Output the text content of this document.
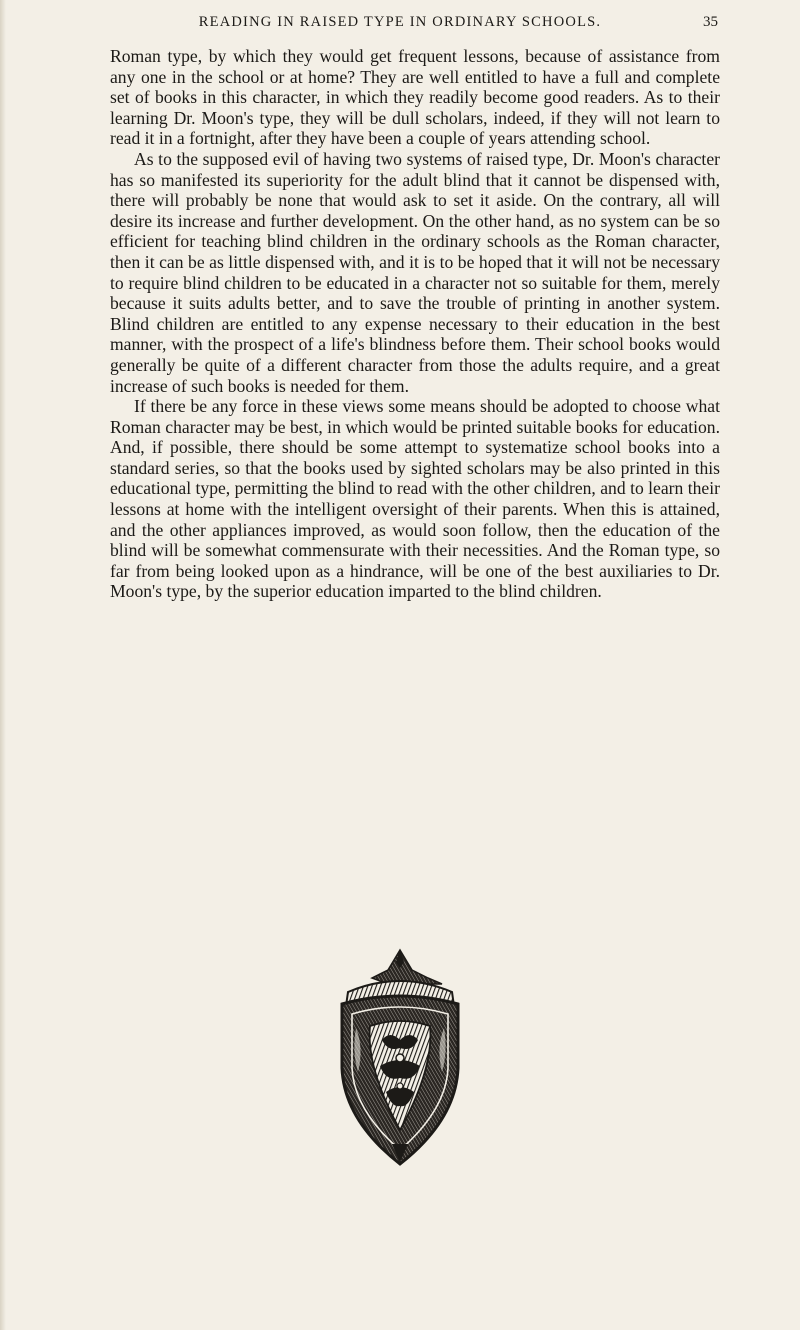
READING IN RAISED TYPE IN ORDINARY SCHOOLS.	35

Roman type, by which they would get frequent lessons, because of assistance from any one in the school or at home? They are well entitled to have a full and complete set of books in this character, in which they readily become good readers. As to their learning Dr. Moon's type, they will be dull scholars, indeed, if they will not learn to read it in a fortnight, after they have been a couple of years attending school.

As to the supposed evil of having two systems of raised type, Dr. Moon's character has so manifested its superiority for the adult blind that it cannot be dispensed with, there will probably be none that would ask to set it aside. On the contrary, all will desire its increase and further development. On the other hand, as no system can be so efficient for teaching blind children in the ordinary schools as the Roman character, then it can be as little dispensed with, and it is to be hoped that it will not be necessary to require blind children to be educated in a character not so suitable for them, merely because it suits adults better, and to save the trouble of printing in another system. Blind children are entitled to any expense necessary to their education in the best manner, with the prospect of a life's blindness before them. Their school books would generally be quite of a different character from those the adults require, and a great increase of such books is needed for them.

If there be any force in these views some means should be adopted to choose what Roman character may be best, in which would be printed suitable books for education. And, if possible, there should be some attempt to systematize school books into a standard series, so that the books used by sighted scholars may be also printed in this educational type, permitting the blind to read with the other children, and to learn their lessons at home with the intelligent oversight of their parents. When this is attained, and the other appliances improved, as would soon follow, then the education of the blind will be somewhat commensurate with their necessities. And the Roman type, so far from being looked upon as a hindrance, will be one of the best auxiliaries to Dr. Moon's type, by the superior education imparted to the blind children.
